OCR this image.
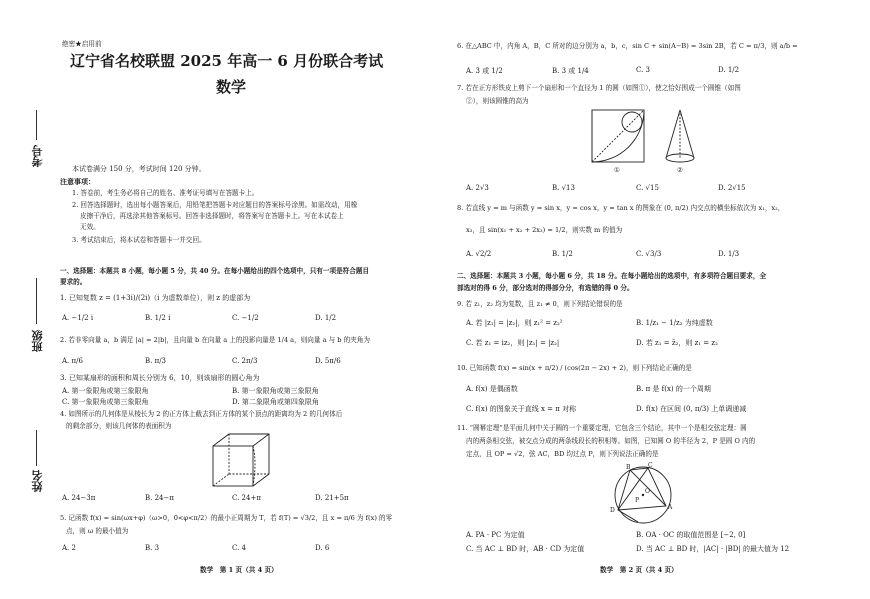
考号
班级
姓名
绝密★启用前
辽宁省名校联盟 2025 年高一 6 月份联合考试
数学
本试卷满分 150 分，考试时间 120 分钟。
注意事项：
1. 答卷前，考生务必将自己的姓名、准考证号填写在答题卡上。
2. 回答选择题时，选出每小题答案后，用铅笔把答题卡对应题目的答案标号涂黑。如需改动，用橡
皮擦干净后，再选涂其他答案标号。回答非选择题时，将答案写在答题卡上。写在本试卷上
无效。
3. 考试结束后，将本试卷和答题卡一并交回。
一、选择题：本题共 8 小题，每小题 5 分，共 40 分。在每小题给出的四个选项中，只有一项是符合题目
要求的。
1. 已知复数 z = (1+3i)/(2i)（i 为虚数单位），则 z 的虚部为
A. −1/2 i	B. 1/2 i	C. −1/2	D. 1/2
2. 若非零向量 a，b 满足 |a| = 2|b|，且向量 b 在向量 a 上的投影向量是 1/4 a，则向量 a 与 b 的夹角为
A. π/6	B. π/3	C. 2π/3	D. 5π/6
3. 已知某扇形的面积和周长分别为 6，10，则该扇形的圆心角为
A. 第一象限角或第三象限角	B. 第一象限角或第三象限角
C. 第一象限角或第三象限角	D. 第二象限角或第四象限角
4. 如图所示的几何体是从棱长为 2 的正方体上截去到正方体的某个顶点的距离均为 2 的几何体后
的剩余部分，则该几何体的表面积为
A. 24−3π	B. 24−π	C. 24+π	D. 21+5π
5. 记函数 f(x) = sin(ωx+φ)（ω>0，0<φ<π/2）的最小正周期为 T，若 f(T) = √3/2，且 x = π/6 为 f(x) 的零
点，则 ω 的最小值为
A. 2	B. 3	C. 4	D. 6
数学　第 1 页（共 4 页）
6. 在△ABC 中，内角 A，B，C 所对的边分别为 a，b，c，sin C + sin(A−B) = 3sin 2B，若 C = π/3，则 a/b =
A. 3 或 1/2	B. 3 或 1/4	C. 3	D. 1/2
7. 若在正方形铁皮上剪下一个扇形和一个直径为 1 的圆（如图①），使之恰好围成一个圆锥（如图
②），则该圆锥的高为
①	②
A. 2√3	B. √13	C. √15	D. 2√15
8. 若直线 y = m 与函数 y = sin x，y = cos x，y = tan x 的图象在 (0, π/2) 内交点的横坐标依次为 x₁，x₂，
x₃，且 sin(x₁ + x₂ + 2x₃) = 1/2，则实数 m 的值为
A. √2/2	B. 1/2	C. √3/3	D. 1/3
二、选择题：本题共 3 小题，每小题 6 分，共 18 分。在每小题给出的选项中，有多项符合题目要求，全
部选对的得 6 分，部分选对的得部分分，有选错的得 0 分。
9. 若 z₁，z₂ 均为复数，且 z₁ ≠ 0，则下列结论错误的是
A. 若 |z₁| = |z₂|，则 z₁² = z₂²	B. 1/z₁ − 1/z₂ 为纯虚数
C. 若 z₁ = iz₂，则 |z₁| = |z₂|	D. 若 z₁ = z̄₂，则 z₁ = z₂
10. 已知函数 f(x) = sin(x + π/2) / (cos(2π − 2x) + 2)，则下列结论正确的是
A. f(x) 是偶函数	B. π 是 f(x) 的一个周期
C. f(x) 的图象关于直线 x = π 对称	D. f(x) 在区间 (0, π/3) 上单调递减
11. “圆幂定理”是平面几何中关于圆的一个重要定理，它包含三个结论，其中一个是相交弦定理：圆
内的两条相交弦，被交点分成的两条线段长的积相等。如图，已知圆 O 的半径为 2，P 是圆 O 内的
定点，且 OP = √2，弦 AC，BD 均过点 P，则下列说法正确的是
O
B	C
A
D
P
A. PA · PC 为定值	B. OA · OC 的取值范围是 [−2, 0]
C. 当 AC ⊥ BD 时，AB · CD 为定值	D. 当 AC ⊥ BD 时，|AC| · |BD| 的最大值为 12
数学　第 2 页（共 4 页）
